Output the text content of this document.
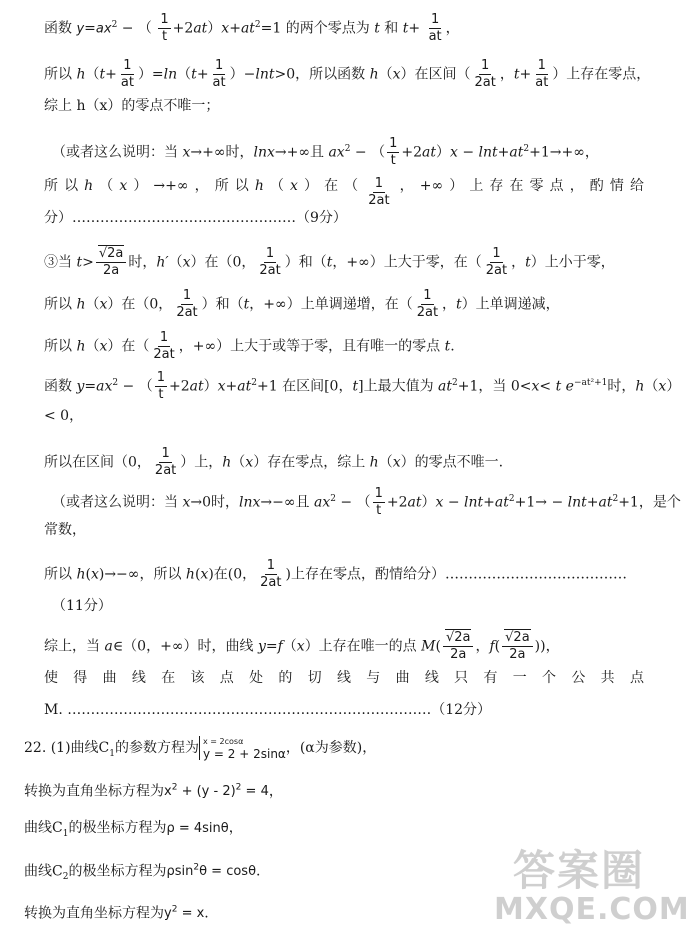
函数 $y=ax^2$ − （ $\frac{1}{t} +2at)x+at^2=1$ 的两个零点为 t 和 $t+ \frac{1}{at}$ ，
所以 $h(t+ \frac{1}{at} )=\ln(t+ \frac{1}{at} )-\ln t>0$，所以函数 h（x）在区间（ $\frac{1}{2at}$ ，$t+ \frac{1}{at}$ ）上存在零点，
综上 h（x）的零点不唯一；
（或者这么说明：当 x→+∞时，lnx→+∞且 $ax^2$ − （ $\frac{1}{t} +2at)x - \ln t+at^2+1\to+\infty$，
所 以 h （ x ） →+∞ ， 所 以 h （ x ） 在 （ $\frac{1}{2at}$ ， +∞ ） 上 存 在 零 点 ， 酌 情 给
分）…………………………………………（9分）
③当 $t> \frac{√2a}{2a}$ 时，h′（x）在（0， $\frac{1}{2at}$ ）和（t，+∞）上大于零，在（ $\frac{1}{2at}$ ，t）上小于零，
所以 h（x）在（0， $\frac{1}{2at}$ ）和（t，+∞）上单调递增，在（ $\frac{1}{2at}$ ，t）上单调递减，
所以 h（x）在（ $\frac{1}{2at}$ ，+∞）上大于或等于零，且有唯一的零点 t.
函数 $y=ax^2$ − （ $\frac{1}{t} +2at)x+at^2+1$ 在区间[0，t]上最大值为 $at^2+1$，当 0<x< t $e^{-at^2+1}$时，h（x）
< 0，
所以在区间（0， $\frac{1}{2at}$ ）上，h（x）存在零点，综上 h（x）的零点不唯一.
（或者这么说明：当 x→0时，lnx→−∞且 $ax^2$ − （ $\frac{1}{t} +2at)x - \ln t+at^2+1\to - \ln t+at^2+1$，是个
常数，
所以 h(x)→−∞，所以 h(x)在(0， $\frac{1}{2at}$ )上存在零点，酌情给分）…………………………………
（11分）
综上，当 a∈（0，+∞）时，曲线 y=f（x）上存在唯一的点 $M( \frac{√2a}{2a}$ ，$f( \frac{√2a}{2a}$ ))，
使 得 曲 线 在 该 点 处 的 切 线 与 曲 线 只 有 一 个 公 共 点
M. ……………………………………………………………………（12分）
22. (1)曲线$C_1$的参数方程为 x = 2cosα
y = 2 + 2sinα ，(α为参数)，
转换为直角坐标方程为$x^2 + (y - 2)^2 = 4$，
曲线$C_1$的极坐标方程为ρ = 4sinθ，
曲线$C_2$的极坐标方程为ρsin$^2$θ = cosθ.
转换为直角坐标方程为$y^2 = x$.
答案圈
MXQE.COM
